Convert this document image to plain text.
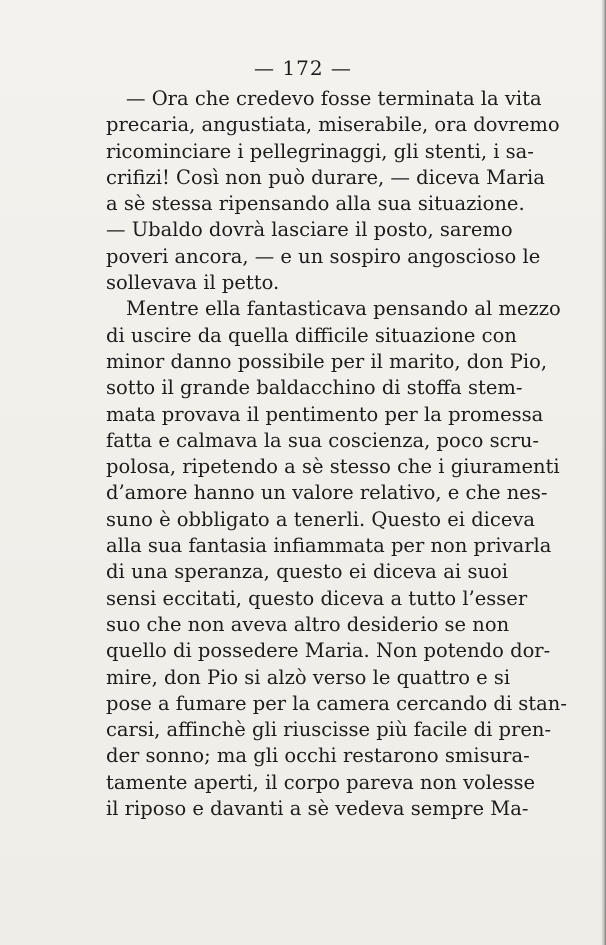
— 172 —
— Ora che credevo fosse terminata la vita
precaria, angustiata, miserabile, ora dovremo
ricominciare i pellegrinaggi, gli stenti, i sa-
crifizi! Così non può durare, — diceva Maria
a sè stessa ripensando alla sua situazione.
— Ubaldo dovrà lasciare il posto, saremo
poveri ancora, — e un sospiro angoscioso le
sollevava il petto.
Mentre ella fantasticava pensando al mezzo
di uscire da quella difficile situazione con
minor danno possibile per il marito, don Pio,
sotto il grande baldacchino di stoffa stem-
mata provava il pentimento per la promessa
fatta e calmava la sua coscienza, poco scru-
polosa, ripetendo a sè stesso che i giuramenti
d’amore hanno un valore relativo, e che nes-
suno è obbligato a tenerli. Questo ei diceva
alla sua fantasia infiammata per non privarla
di una speranza, questo ei diceva ai suoi
sensi eccitati, questo diceva a tutto l’esser
suo che non aveva altro desiderio se non
quello di possedere Maria. Non potendo dor-
mire, don Pio si alzò verso le quattro e si
pose a fumare per la camera cercando di stan-
carsi, affinchè gli riuscisse più facile di pren-
der sonno; ma gli occhi restarono smisura-
tamente aperti, il corpo pareva non volesse
il riposo e davanti a sè vedeva sempre Ma-
